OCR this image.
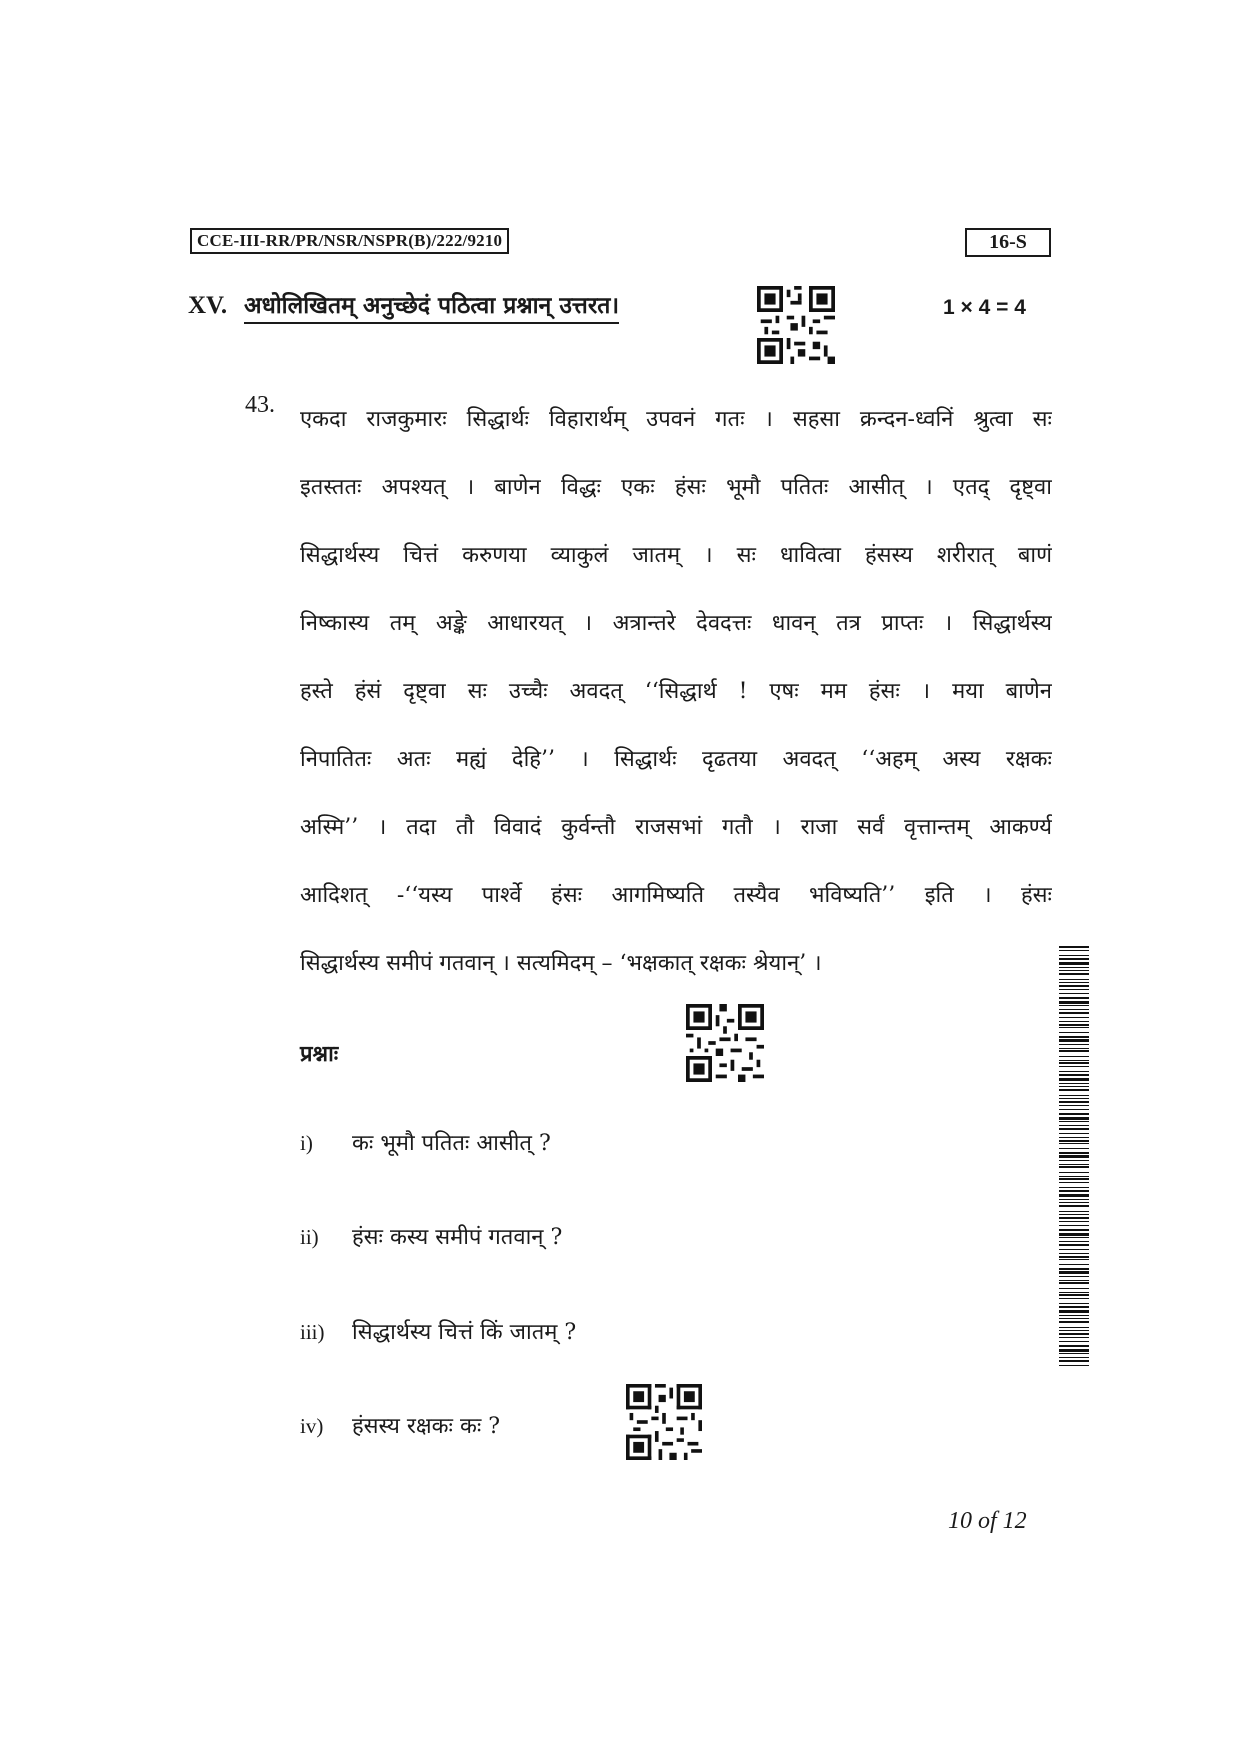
CCE-III-RR/PR/NSR/NSPR(B)/222/9210	16-S
XV. अधोलिखितम् अनुच्छेदं पठित्वा प्रश्नान् उत्तरत।	1 × 4 = 4
43.
एकदा राजकुमारः सिद्धार्थः विहारार्थम् उपवनं गतः । सहसा क्रन्दन-ध्वनिं श्रुत्वा सः
इतस्ततः अपश्यत् । बाणेन विद्धः एकः हंसः भूमौ पतितः आसीत् । एतद् दृष्ट्वा
सिद्धार्थस्य चित्तं करुणया व्याकुलं जातम् । सः धावित्वा हंसस्य शरीरात् बाणं
निष्कास्य तम् अङ्के आधारयत् । अत्रान्तरे देवदत्तः धावन् तत्र प्राप्तः । सिद्धार्थस्य
हस्ते हंसं दृष्ट्वा सः उच्चैः अवदत् ‘‘सिद्धार्थ ! एषः मम हंसः । मया बाणेन
निपातितः अतः मह्यं देहि’’ । सिद्धार्थः दृढतया अवदत् ‘‘अहम् अस्य रक्षकः
अस्मि’’ । तदा तौ विवादं कुर्वन्तौ राजसभां गतौ । राजा सर्वं वृत्तान्तम् आकर्ण्य
आदिशत् -‘‘यस्य पार्श्वे हंसः आगमिष्यति तस्यैव भविष्यति’’ इति । हंसः
सिद्धार्थस्य समीपं गतवान् । सत्यमिदम् – ‘भक्षकात् रक्षकः श्रेयान्’ ।
प्रश्नाः
i) कः भूमौ पतितः आसीत् ?
ii) हंसः कस्य समीपं गतवान् ?
iii) सिद्धार्थस्य चित्तं किं जातम् ?
iv) हंसस्य रक्षकः कः ?
10 of 12
